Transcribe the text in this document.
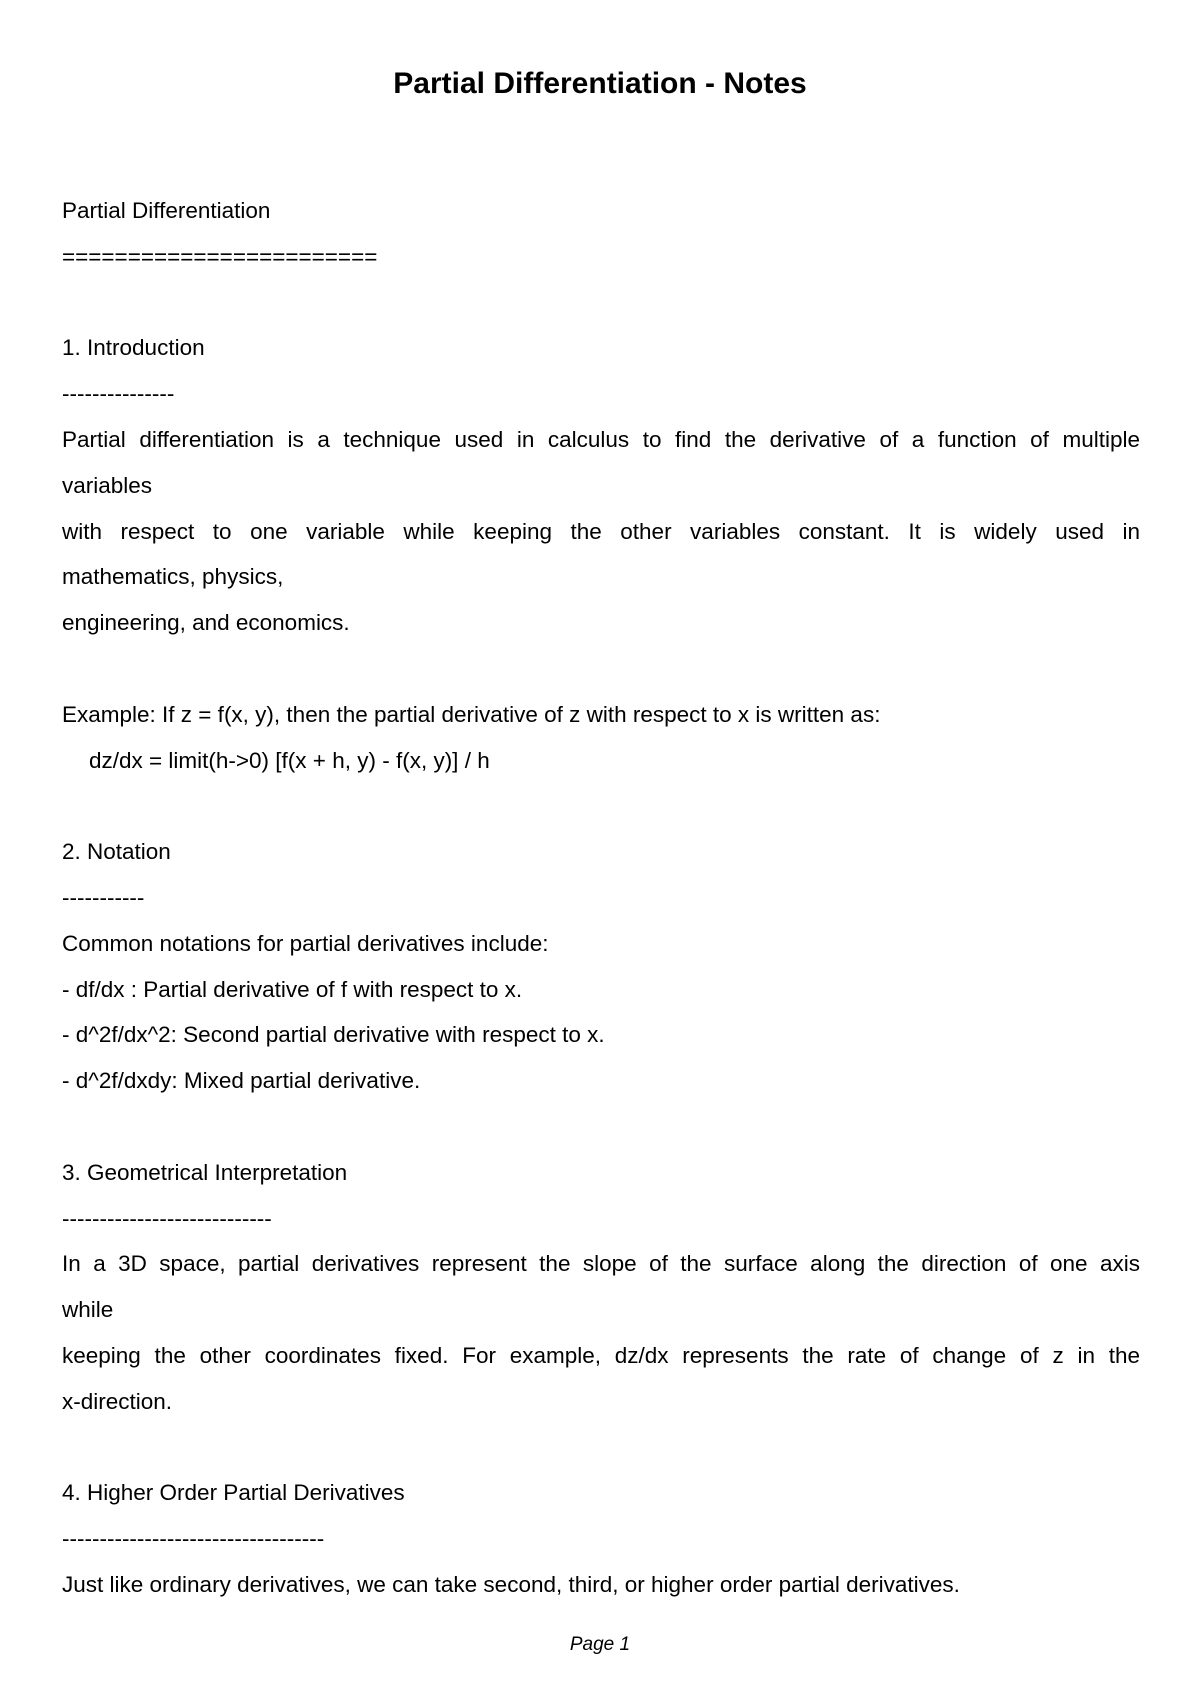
Partial Differentiation - Notes
Partial Differentiation
========================
1. Introduction
---------------
Partial differentiation is a technique used in calculus to find the derivative of a function of multiple
variables
with respect to one variable while keeping the other variables constant. It is widely used in
mathematics, physics,
engineering, and economics.
Example: If z = f(x, y), then the partial derivative of z with respect to x is written as:
dz/dx = limit(h->0) [f(x + h, y) - f(x, y)] / h
2. Notation
-----------
Common notations for partial derivatives include:
- df/dx : Partial derivative of f with respect to x.
- d^2f/dx^2: Second partial derivative with respect to x.
- d^2f/dxdy: Mixed partial derivative.
3. Geometrical Interpretation
----------------------------
In a 3D space, partial derivatives represent the slope of the surface along the direction of one axis
while
keeping the other coordinates fixed. For example, dz/dx represents the rate of change of z in the
x-direction.
4. Higher Order Partial Derivatives
-----------------------------------
Just like ordinary derivatives, we can take second, third, or higher order partial derivatives.
Page 1
